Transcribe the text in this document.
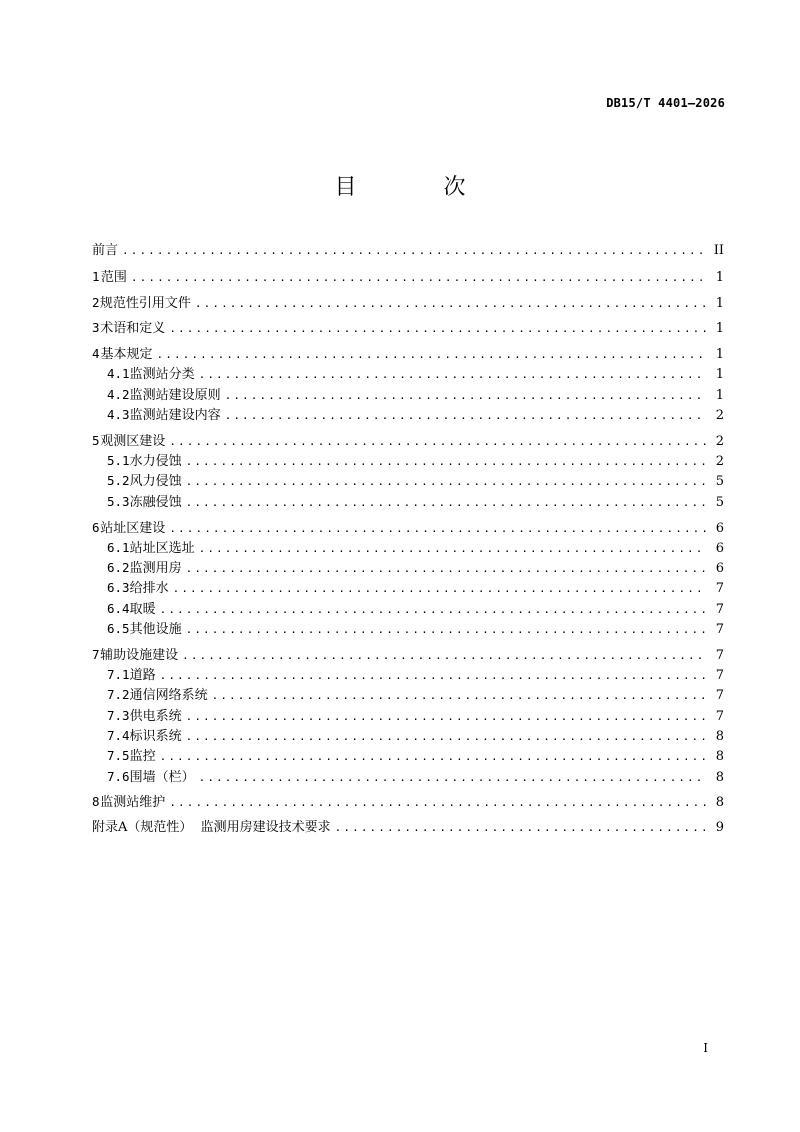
DB15/T 4401—2026
目 次
前言 .....	II
1 范围 .....	1
2 规范性引用文件 .....	1
3 术语和定义 .....	1
4 基本规定 .....	1
4.1 监测站分类 .....	1
4.2 监测站建设原则 .....	1
4.3 监测站建设内容 .....	2
5 观测区建设 .....	2
5.1 水力侵蚀 .....	2
5.2 风力侵蚀 .....	5
5.3 冻融侵蚀 .....	5
6 站址区建设 .....	6
6.1 站址区选址 .....	6
6.2 监测用房 .....	6
6.3 给排水 .....	7
6.4 取暖 .....	7
6.5 其他设施 .....	7
7 辅助设施建设 .....	7
7.1 道路 .....	7
7.2 通信网络系统 .....	7
7.3 供电系统 .....	7
7.4 标识系统 .....	8
7.5 监控 .....	8
7.6 围墙（栏） .....	8
8 监测站维护 .....	8
附录A（规范性）  监测用房建设技术要求 .....	9
I
